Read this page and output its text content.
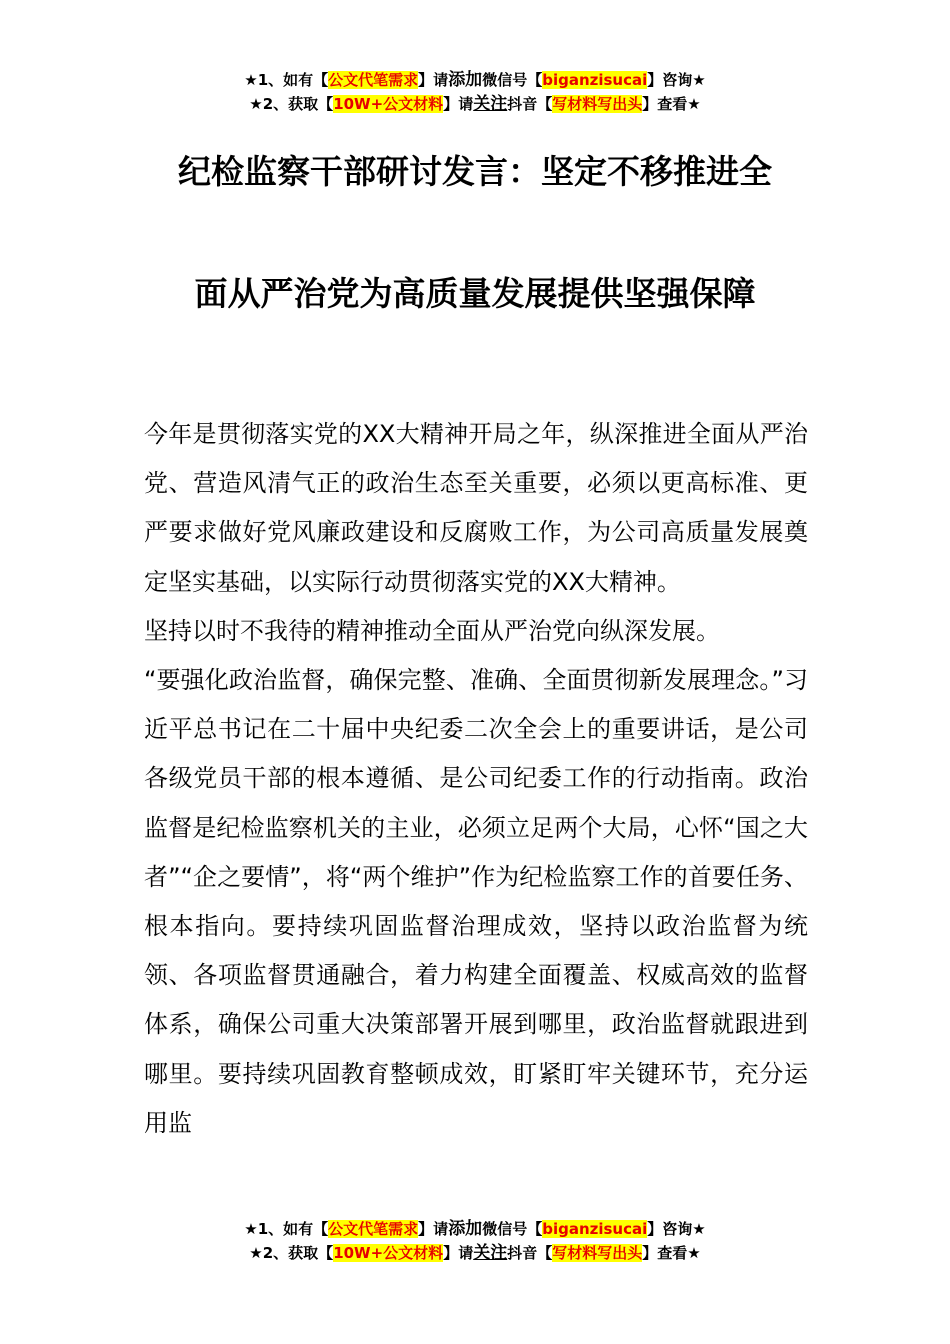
★1、如有【公文代笔需求】请添加微信号【biganzisucai】咨询★
★2、获取【10W+公文材料】请关注抖音【写材料写出头】查看★
纪检监察干部研讨发言：坚定不移推进全
面从严治党为高质量发展提供坚强保障

今年是贯彻落实党的XX大精神开局之年，纵深推进全面从严治党、营造风清气正的政治生态至关重要，必须以更高标准、更严要求做好党风廉政建设和反腐败工作，为公司高质量发展奠定坚实基础，以实际行动贯彻落实党的XX大精神。

坚持以时不我待的精神推动全面从严治党向纵深发展。

“要强化政治监督，确保完整、准确、全面贯彻新发展理念。”习近平总书记在二十届中央纪委二次全会上的重要讲话，是公司各级党员干部的根本遵循、是公司纪委工作的行动指南。政治监督是纪检监察机关的主业，必须立足两个大局，心怀“国之大者”“企之要情”，将“两个维护”作为纪检监察工作的首要任务、根本指向。要持续巩固监督治理成效，坚持以政治监督为统领、各项监督贯通融合，着力构建全面覆盖、权威高效的监督体系，确保公司重大决策部署开展到哪里，政治监督就跟进到哪里。要持续巩固教育整顿成效，盯紧盯牢关键环节，充分运用监

★1、如有【公文代笔需求】请添加微信号【biganzisucai】咨询★
★2、获取【10W+公文材料】请关注抖音【写材料写出头】查看★
